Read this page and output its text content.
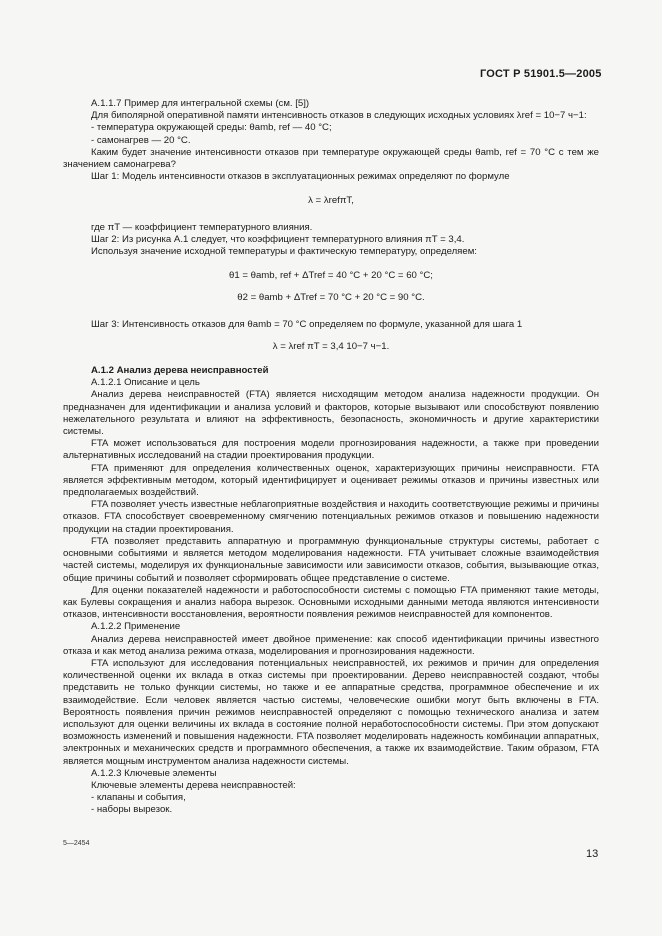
ГОСТ Р 51901.5—2005

А.1.1.7 Пример для интегральной схемы (см. [5])

Для биполярной оперативной памяти интенсивность отказов в следующих исходных условиях λref = 10−7 ч−1:

- температура окружающей среды: θamb, ref — 40 °С;

- самонагрев — 20 °С.

Каким будет значение интенсивности отказов при температуре окружающей среды θamb, ref = 70 °С с тем же значением самонагрева?

Шаг 1: Модель интенсивности отказов в эксплуатационных режимах определяют по формуле

λ = λrefπT,

где πT — коэффициент температурного влияния.

Шаг 2: Из рисунка А.1 следует, что коэффициент температурного влияния πT = 3,4.

Используя значение исходной температуры и фактическую температуру, определяем:

θ1 = θamb, ref + ΔTref = 40 °С + 20 °С = 60 °С;

θ2 = θamb + ΔTref = 70 °С + 20 °С = 90 °С.

Шаг 3: Интенсивность отказов для θamb = 70 °С определяем по формуле, указанной для шага 1

λ = λref πT = 3,4 10−7 ч−1.

А.1.2 Анализ дерева неисправностей

А.1.2.1 Описание и цель

Анализ дерева неисправностей (FTA) является нисходящим методом анализа надежности продукции. Он предназначен для идентификации и анализа условий и факторов, которые вызывают или способствуют появлению нежелательного результата и влияют на эффективность, безопасность, экономичность и другие характеристики системы.

FTA может использоваться для построения модели прогнозирования надежности, а также при проведении альтернативных исследований на стадии проектирования продукции.

FTA применяют для определения количественных оценок, характеризующих причины неисправности. FTA является эффективным методом, который идентифицирует и оценивает режимы отказов и причины известных или предполагаемых воздействий.

FTA позволяет учесть известные неблагоприятные воздействия и находить соответствующие режимы и причины отказов. FTA способствует своевременному смягчению потенциальных режимов отказов и повышению надежности продукции на стадии проектирования.

FTA позволяет представить аппаратную и программную функциональные структуры системы, работает с основными событиями и является методом моделирования надежности. FTA учитывает сложные взаимодействия частей системы, моделируя их функциональные зависимости или зависимости отказов, события, вызывающие отказ, общие причины событий и позволяет сформировать общее представление о системе.

Для оценки показателей надежности и работоспособности системы с помощью FTA применяют такие методы, как Булевы сокращения и анализ набора вырезок. Основными исходными данными метода являются интенсивности отказов, интенсивности восстановления, вероятности появления режимов неисправностей для компонентов.

А.1.2.2 Применение

Анализ дерева неисправностей имеет двойное применение: как способ идентификации причины известного отказа и как метод анализа режима отказа, моделирования и прогнозирования надежности.

FTA используют для исследования потенциальных неисправностей, их режимов и причин для определения количественной оценки их вклада в отказ системы при проектировании. Дерево неисправностей создают, чтобы представить не только функции системы, но также и ее аппаратные средства, программное обеспечение и их взаимодействие. Если человек является частью системы, человеческие ошибки могут быть включены в FTA. Вероятность появления причин режимов неисправностей определяют с помощью технического анализа и затем используют для оценки величины их вклада в состояние полной неработоспособности системы. При этом допускают возможность изменений и повышения надежности. FTA позволяет моделировать надежность комбинации аппаратных, электронных и механических средств и программного обеспечения, а также их взаимодействие. Таким образом, FTA является мощным инструментом анализа надежности системы.

А.1.2.3 Ключевые элементы

Ключевые элементы дерева неисправностей:

- клапаны и события,

- наборы вырезок.

5—2454
13
